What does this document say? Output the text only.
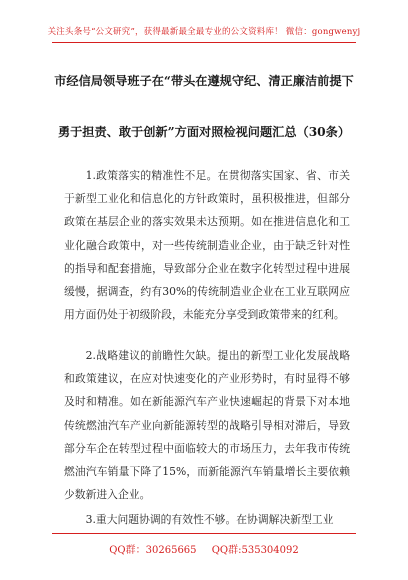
关注头条号“公文研究”，获得最新最全最专业的公文资料库！ 微信：gongwenyj
市经信局领导班子在“带头在遵规守纪、清正廉洁前提下
勇于担责、敢于创新”方面对照检视问题汇总（30条）

1.政策落实的精准性不足。在贯彻落实国家、省、市关于新型工业化和信息化的方针政策时，虽积极推进，但部分政策在基层企业的落实效果未达预期。如在推进信息化和工业化融合政策中，对一些传统制造业企业，由于缺乏针对性的指导和配套措施，导致部分企业在数字化转型过程中进展缓慢，据调查，约有30%的传统制造业企业在工业互联网应用方面仍处于初级阶段，未能充分享受到政策带来的红利。

2.战略建议的前瞻性欠缺。提出的新型工业化发展战略和政策建议，在应对快速变化的产业形势时，有时显得不够及时和精准。如在新能源汽车产业快速崛起的背景下对本地传统燃油汽车产业向新能源转型的战略引导相对滞后，导致部分车企在转型过程中面临较大的市场压力，去年我市传统燃油汽车销量下降了15%，而新能源汽车销量增长主要依赖少数新进入企业。

3.重大问题协调的有效性不够。在协调解决新型工业

QQ群：30265665 QQ群:535304092
